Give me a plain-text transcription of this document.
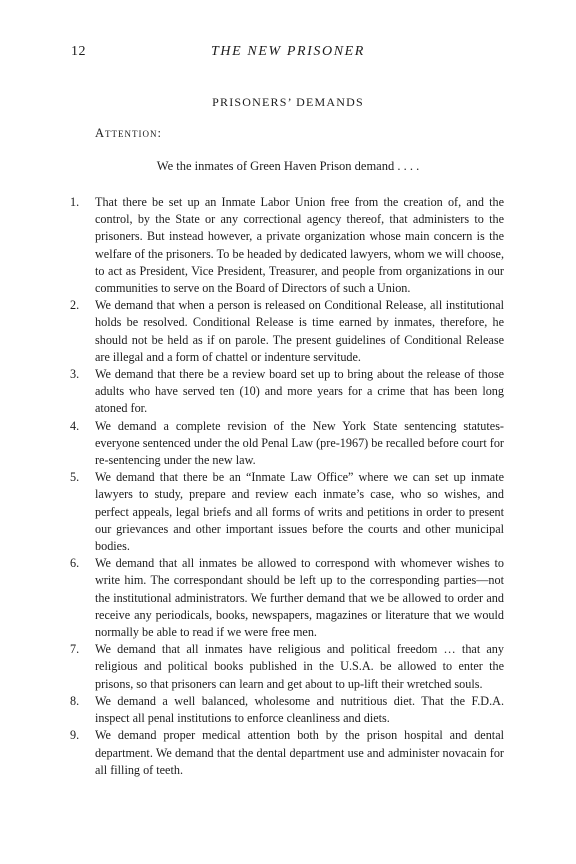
12	THE NEW PRISONER
PRISONERS’ DEMANDS
Attention:
We the inmates of Green Haven Prison demand . . . .
1.	That there be set up an Inmate Labor Union free from the creation of, and the control, by the State or any correctional agency thereof, that administers to the prisoners. But instead however, a private organization whose main concern is the welfare of the prisoners. To be headed by dedicated lawyers, whom we will choose, to act as President, Vice President, Treasurer, and people from organizations in our communities to serve on the Board of Directors of such a Union.
2.	We demand that when a person is released on Conditional Release, all institutional holds be resolved. Conditional Release is time earned by inmates, therefore, he should not be held as if on parole. The present guidelines of Conditional Release are illegal and a form of chattel or indenture servitude.
3.	We demand that there be a review board set up to bring about the release of those adults who have served ten (10) and more years for a crime that has been long atoned for.
4.	We demand a complete revision of the New York State sentencing statutes-everyone sentenced under the old Penal Law (pre-1967) be recalled before court for re-sentencing under the new law.
5.	We demand that there be an “Inmate Law Office” where we can set up inmate lawyers to study, prepare and review each inmate’s case, who so wishes, and perfect appeals, legal briefs and all forms of writs and petitions in order to present our grievances and other important issues before the courts and other municipal bodies.
6.	We demand that all inmates be allowed to correspond with whomever wishes to write him. The correspondant should be left up to the corresponding parties—not the institutional administrators. We further demand that we be allowed to order and receive any periodicals, books, newspapers, magazines or literature that we would normally be able to read if we were free men.
7.	We demand that all inmates have religious and political freedom … that any religious and political books published in the U.S.A. be allowed to enter the prisons, so that prisoners can learn and get about to up-lift their wretched souls.
8.	We demand a well balanced, wholesome and nutritious diet. That the F.D.A. inspect all penal institutions to enforce cleanliness and diets.
9.	We demand proper medical attention both by the prison hospital and dental department. We demand that the dental department use and administer novacain for all filling of teeth.
